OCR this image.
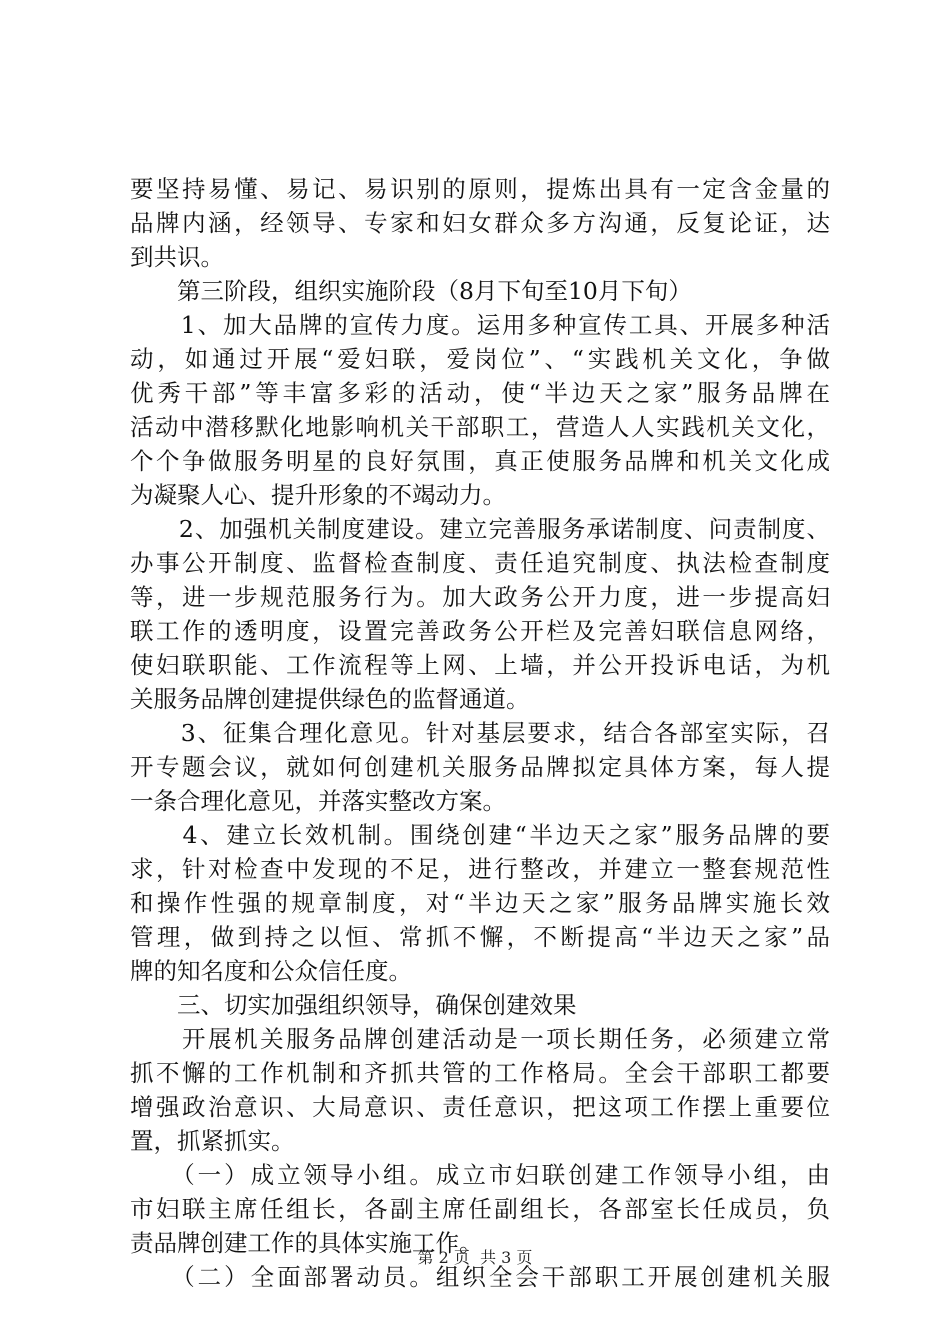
要坚持易懂、易记、易识别的原则，提炼出具有一定含金量的
品牌内涵，经领导、专家和妇女群众多方沟通，反复论证，达
到共识。
　　第三阶段，组织实施阶段（8月下旬至10月下旬）
　　1、加大品牌的宣传力度。运用多种宣传工具、开展多种活
动，如通过开展“爱妇联，爱岗位”、“实践机关文化，争做
优秀干部”等丰富多彩的活动，使“半边天之家”服务品牌在
活动中潜移默化地影响机关干部职工，营造人人实践机关文化，
个个争做服务明星的良好氛围，真正使服务品牌和机关文化成
为凝聚人心、提升形象的不竭动力。
　　2、加强机关制度建设。建立完善服务承诺制度、问责制度、
办事公开制度、监督检查制度、责任追究制度、执法检查制度
等，进一步规范服务行为。加大政务公开力度，进一步提高妇
联工作的透明度，设置完善政务公开栏及完善妇联信息网络，
使妇联职能、工作流程等上网、上墙，并公开投诉电话，为机
关服务品牌创建提供绿色的监督通道。
　　3、征集合理化意见。针对基层要求，结合各部室实际，召
开专题会议，就如何创建机关服务品牌拟定具体方案，每人提
一条合理化意见，并落实整改方案。
　　4、建立长效机制。围绕创建“半边天之家”服务品牌的要
求，针对检查中发现的不足，进行整改，并建立一整套规范性
和操作性强的规章制度，对“半边天之家”服务品牌实施长效
管理，做到持之以恒、常抓不懈，不断提高“半边天之家”品
牌的知名度和公众信任度。
　　三、切实加强组织领导，确保创建效果
　　开展机关服务品牌创建活动是一项长期任务，必须建立常
抓不懈的工作机制和齐抓共管的工作格局。全会干部职工都要
增强政治意识、大局意识、责任意识，把这项工作摆上重要位
置，抓紧抓实。
　　（一）成立领导小组。成立市妇联创建工作领导小组，由
市妇联主席任组长，各副主席任副组长，各部室长任成员，负
责品牌创建工作的具体实施工作。
　　（二）全面部署动员。组织全会干部职工开展创建机关服
第 2 页  共 3 页
